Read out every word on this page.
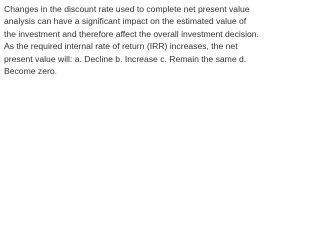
Changes in the discount rate used to complete net present value analysis can have a significant impact on the estimated value of the investment and therefore affect the overall investment decision. As the required internal rate of return (IRR) increases, the net present value will: a. Decline b. Increase c. Remain the same d. Become zero.
